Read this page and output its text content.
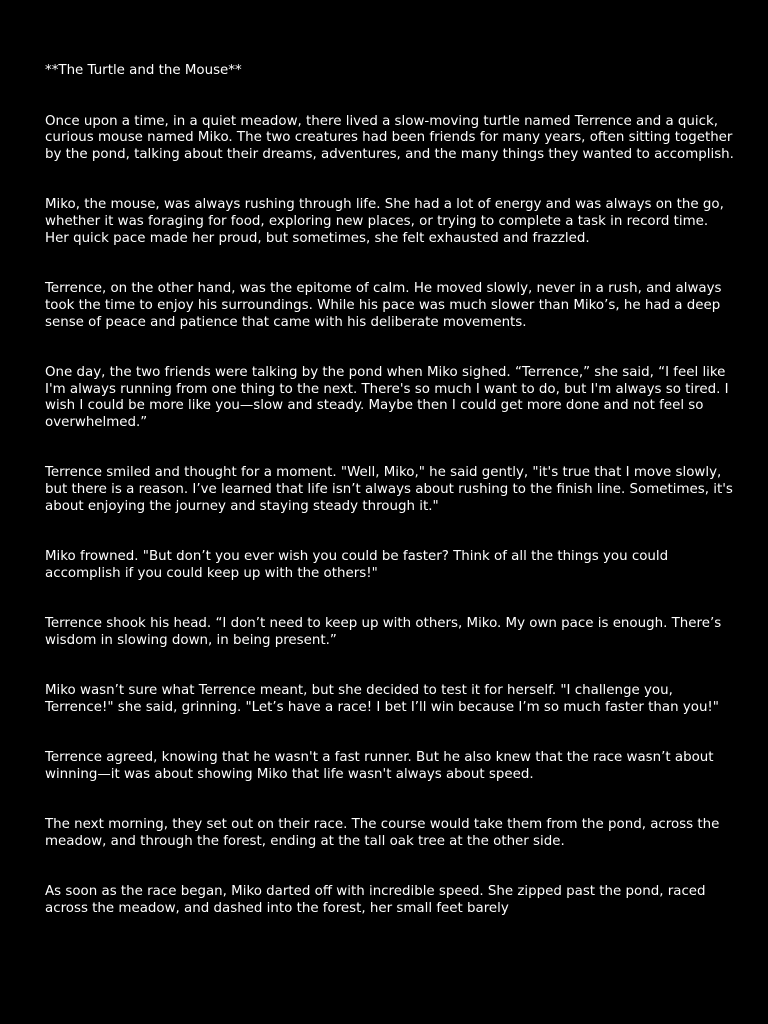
**The Turtle and the Mouse**

Once upon a time, in a quiet meadow, there lived a slow-moving turtle named Terrence and a quick, curious mouse named Miko. The two creatures had been friends for many years, often sitting together by the pond, talking about their dreams, adventures, and the many things they wanted to accomplish.

Miko, the mouse, was always rushing through life. She had a lot of energy and was always on the go, whether it was foraging for food, exploring new places, or trying to complete a task in record time. Her quick pace made her proud, but sometimes, she felt exhausted and frazzled.

Terrence, on the other hand, was the epitome of calm. He moved slowly, never in a rush, and always took the time to enjoy his surroundings. While his pace was much slower than Miko’s, he had a deep sense of peace and patience that came with his deliberate movements.

One day, the two friends were talking by the pond when Miko sighed. “Terrence,” she said, “I feel like I'm always running from one thing to the next. There's so much I want to do, but I'm always so tired. I wish I could be more like you—slow and steady. Maybe then I could get more done and not feel so overwhelmed.”

Terrence smiled and thought for a moment. "Well, Miko," he said gently, "it's true that I move slowly, but there is a reason. I’ve learned that life isn’t always about rushing to the finish line. Sometimes, it's about enjoying the journey and staying steady through it."

Miko frowned. "But don’t you ever wish you could be faster? Think of all the things you could accomplish if you could keep up with the others!"

Terrence shook his head. “I don’t need to keep up with others, Miko. My own pace is enough. There’s wisdom in slowing down, in being present.”

Miko wasn’t sure what Terrence meant, but she decided to test it for herself. "I challenge you, Terrence!" she said, grinning. "Let’s have a race! I bet I’ll win because I’m so much faster than you!"

Terrence agreed, knowing that he wasn't a fast runner. But he also knew that the race wasn’t about winning—it was about showing Miko that life wasn't always about speed.

The next morning, they set out on their race. The course would take them from the pond, across the meadow, and through the forest, ending at the tall oak tree at the other side.

As soon as the race began, Miko darted off with incredible speed. She zipped past the pond, raced across the meadow, and dashed into the forest, her small feet barely
